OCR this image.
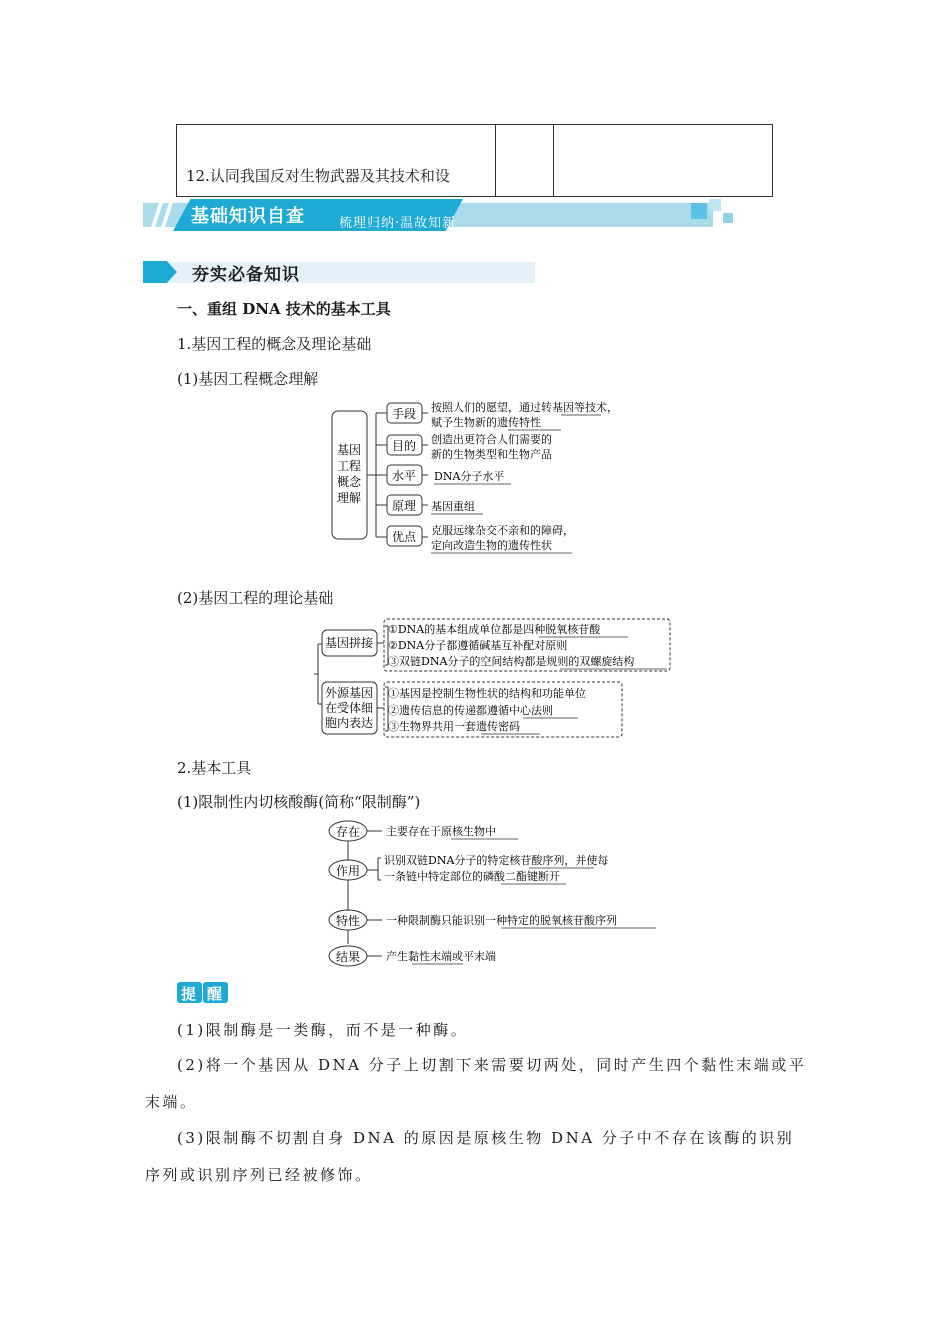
12.认同我国反对生物武器及其技术和设
基础知识自查	梳理归纳·温故知新
夯实必备知识
一、重组 DNA 技术的基本工具
1.基因工程的概念及理论基础
(1)基因工程概念理解
基因
工程
概念
理解
手段
目的
水平
原理
优点
按照人们的愿望，通过转基因等技术，
赋予生物新的遗传特性
创造出更符合人们需要的
新的生物类型和生物产品
DNA分子水平
基因重组
克服远缘杂交不亲和的障碍，
定向改造生物的遗传性状
(2)基因工程的理论基础
基因拼接
外源基因
在受体细
胞内表达
①DNA的基本组成单位都是四种脱氧核苷酸
②DNA分子都遵循碱基互补配对原则
③双链DNA分子的空间结构都是规则的双螺旋结构
①基因是控制生物性状的结构和功能单位
②遗传信息的传递都遵循中心法则
③生物界共用一套遗传密码
2.基本工具
(1)限制性内切核酸酶(简称“限制酶”)
存在
作用
特性
结果
主要存在于原核生物中
识别双链DNA分子的特定核苷酸序列，并使每
一条链中特定部位的磷酸二酯键断开
一种限制酶只能识别一种特定的脱氧核苷酸序列
产生黏性末端或平末端
提 醒
(1)限制酶是一类酶，而不是一种酶。
(2)将一个基因从 DNA 分子上切割下来需要切两处，同时产生四个黏性末端或平末端。
(3)限制酶不切割自身 DNA 的原因是原核生物 DNA 分子中不存在该酶的识别序列或识别序列已经被修饰。
